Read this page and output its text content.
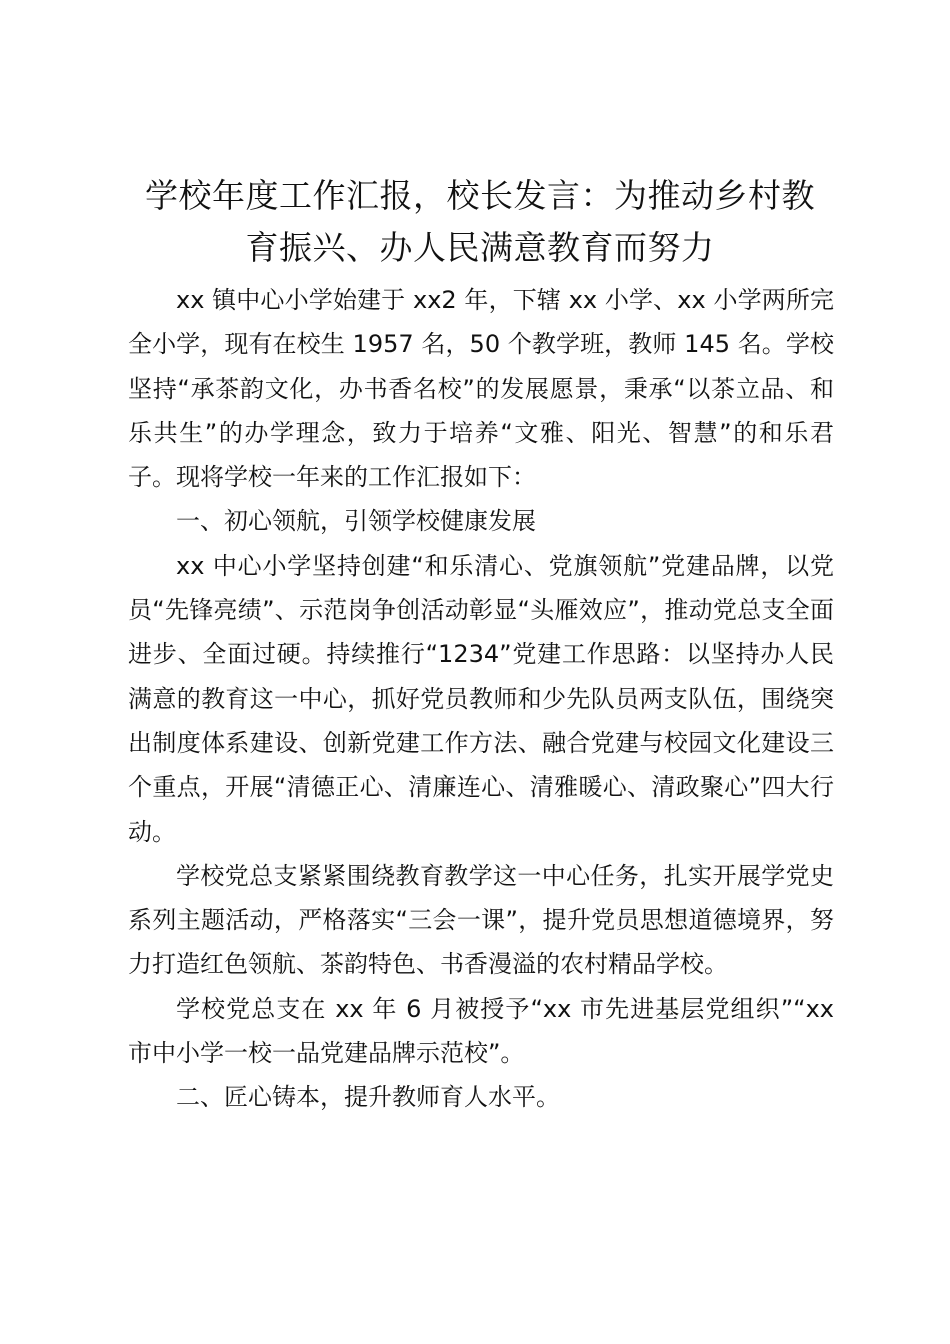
学校年度工作汇报，校长发言：为推动乡村教
育振兴、办人民满意教育而努力

xx 镇中心小学始建于 xx2 年，下辖 xx 小学、xx 小学两所完全小学，现有在校生 1957 名，50 个教学班，教师 145 名。学校坚持“承茶韵文化，办书香名校”的发展愿景，秉承“以茶立品、和乐共生”的办学理念，致力于培养“文雅、阳光、智慧”的和乐君子。现将学校一年来的工作汇报如下：

一、初心领航，引领学校健康发展

xx 中心小学坚持创建“和乐清心、党旗领航”党建品牌，以党员“先锋亮绩”、示范岗争创活动彰显“头雁效应”，推动党总支全面进步、全面过硬。持续推行“1234”党建工作思路：以坚持办人民满意的教育这一中心，抓好党员教师和少先队员两支队伍，围绕突出制度体系建设、创新党建工作方法、融合党建与校园文化建设三个重点，开展“清德正心、清廉连心、清雅暖心、清政聚心”四大行动。

学校党总支紧紧围绕教育教学这一中心任务，扎实开展学党史系列主题活动，严格落实“三会一课”，提升党员思想道德境界，努力打造红色领航、茶韵特色、书香漫溢的农村精品学校。

学校党总支在 xx 年 6 月被授予“xx 市先进基层党组织”“xx 市中小学一校一品党建品牌示范校”。

二、匠心铸本，提升教师育人水平。
